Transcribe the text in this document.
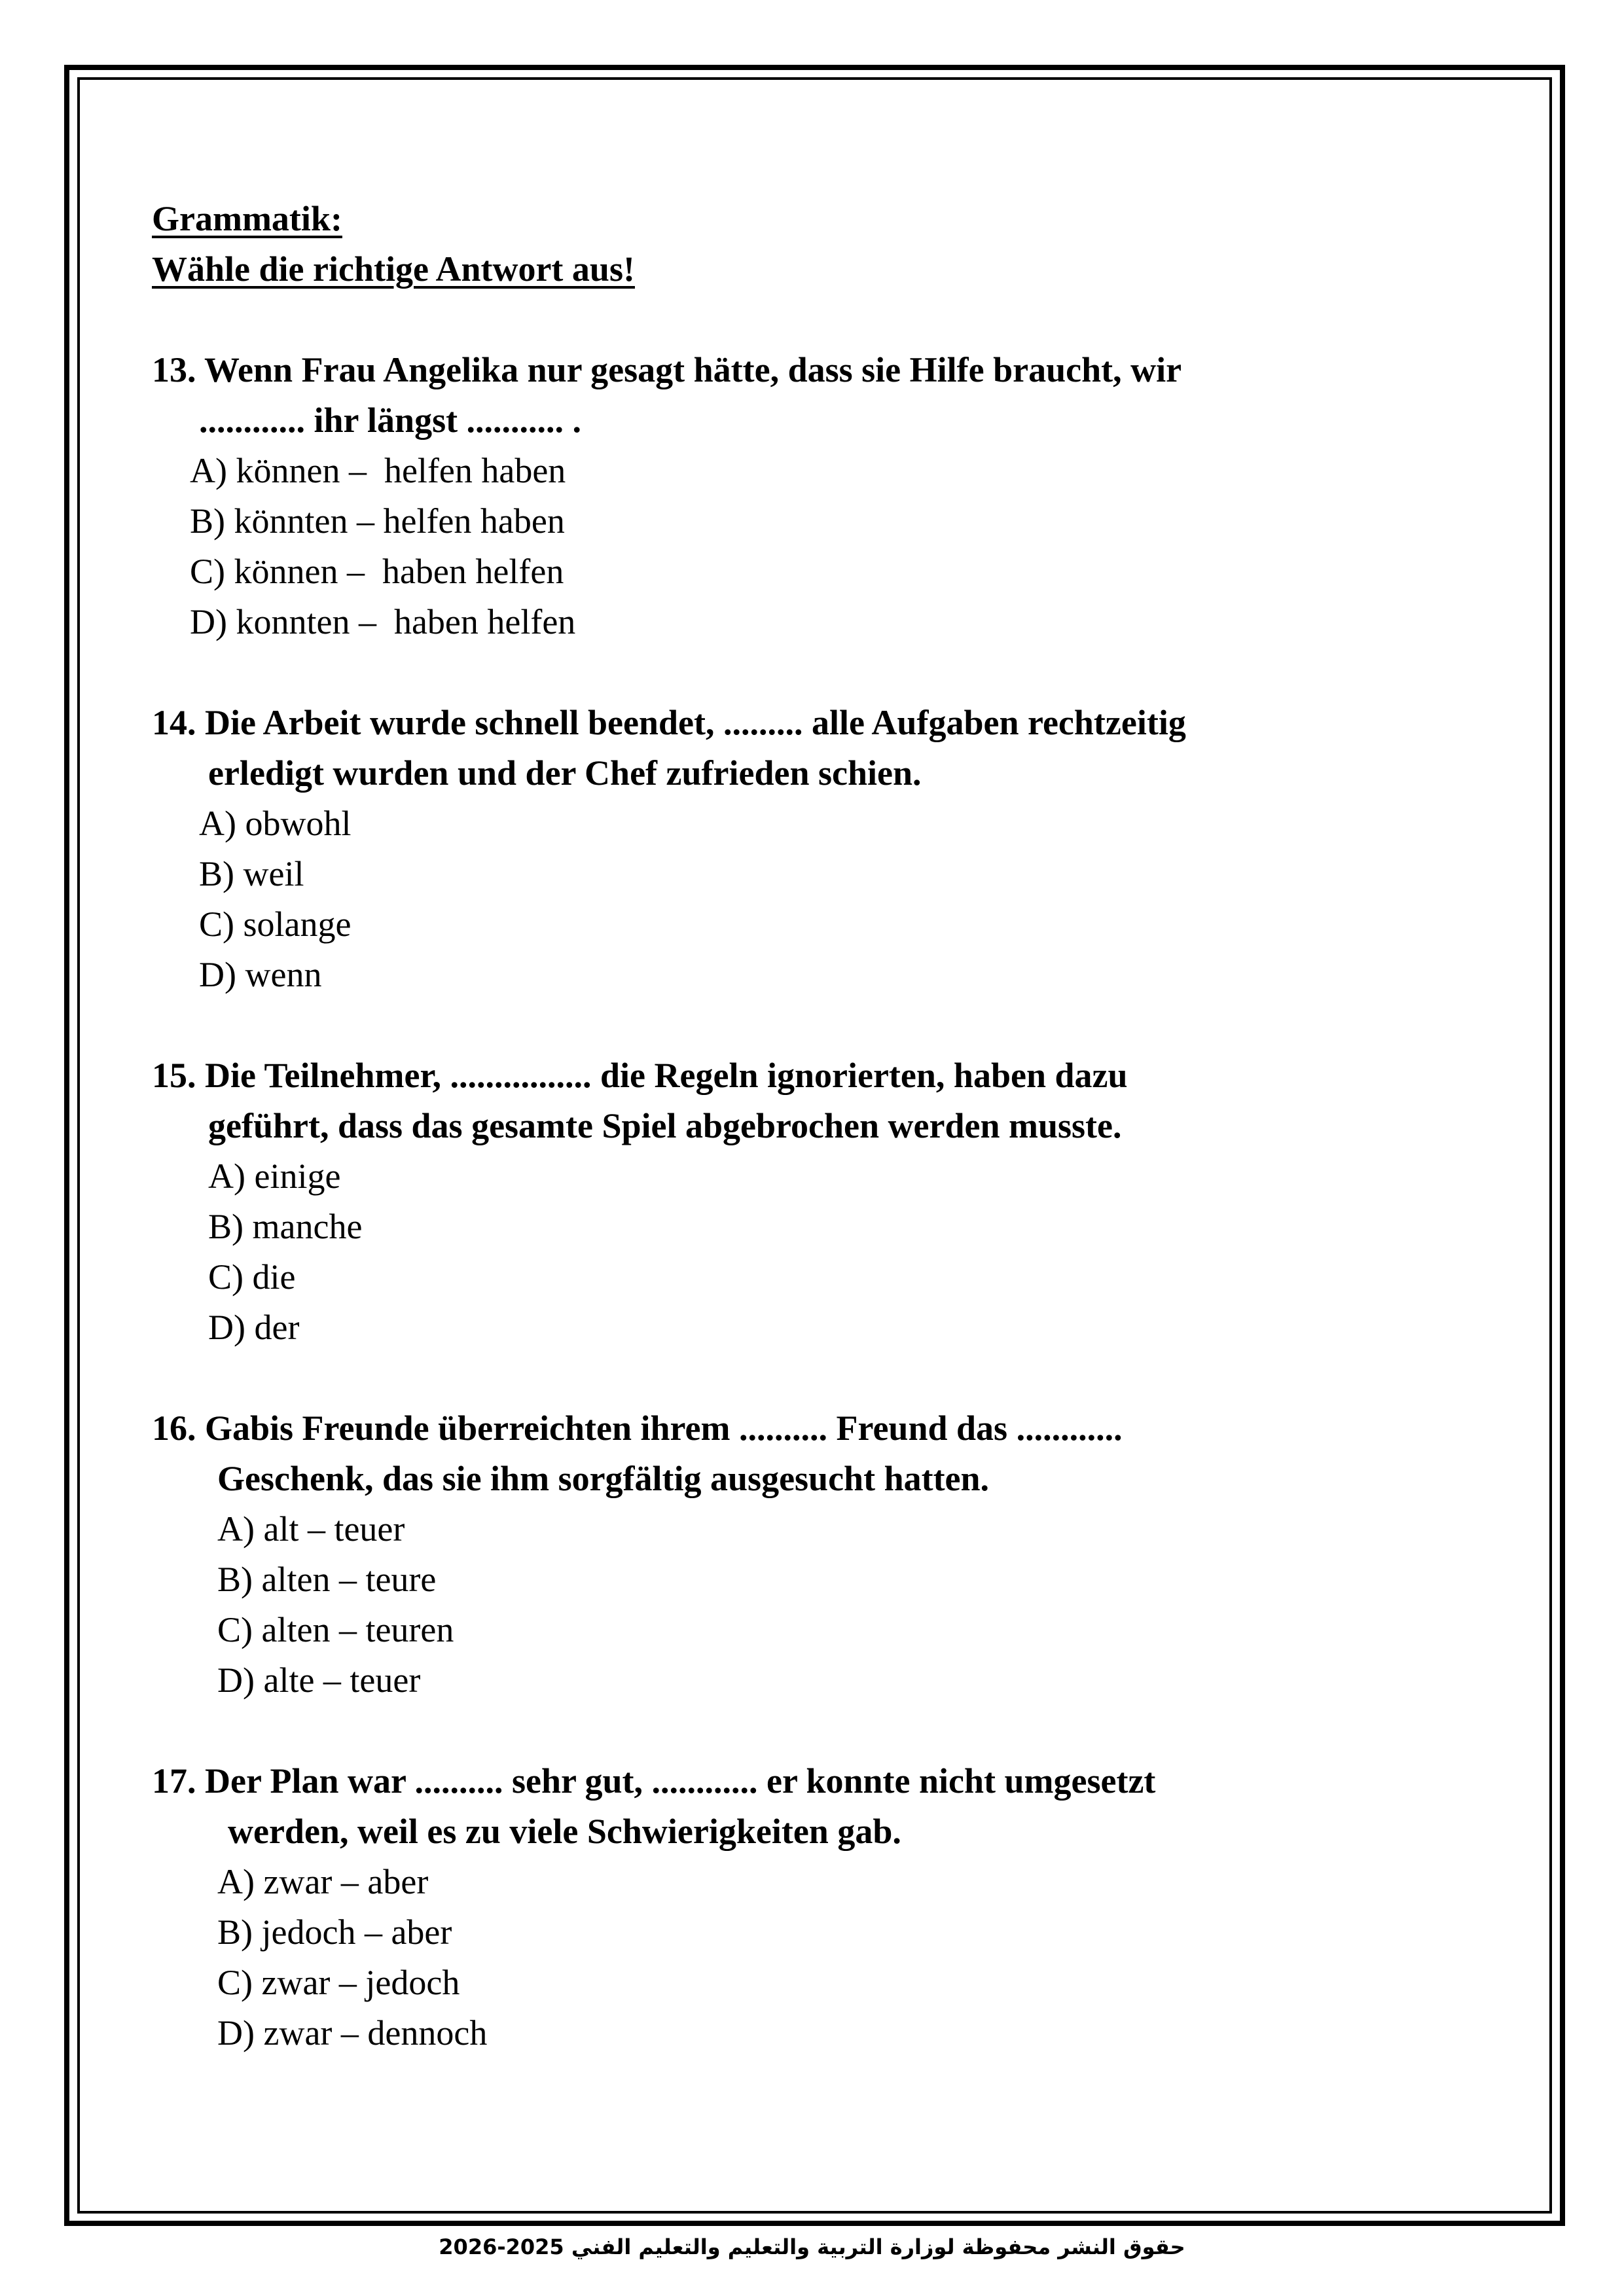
Grammatik:

Wähle die richtige Antwort aus!

13. Wenn Frau Angelika nur gesagt hätte, dass sie Hilfe braucht, wir
............ ihr längst ........... .

A) können –  helfen haben
B) könnten – helfen haben
C) können –  haben helfen
D) konnten –  haben helfen

14. Die Arbeit wurde schnell beendet, ......... alle Aufgaben rechtzeitig
erledigt wurden und der Chef zufrieden schien.

A) obwohl
B) weil
C) solange
D) wenn

15. Die Teilnehmer, ................ die Regeln ignorierten, haben dazu
geführt, dass das gesamte Spiel abgebrochen werden musste.

A) einige
B) manche
C) die
D) der

16. Gabis Freunde überreichten ihrem .......... Freund das ............
Geschenk, das sie ihm sorgfältig ausgesucht hatten.

A) alt – teuer
B) alten – teure
C) alten – teuren
D) alte – teuer

17. Der Plan war .......... sehr gut, ............ er konnte nicht umgesetzt
werden, weil es zu viele Schwierigkeiten gab.

A) zwar – aber
B) jedoch – aber
C) zwar – jedoch
D) zwar – dennoch
حقوق النشر محفوظة لوزارة التربية والتعليم والتعليم الفني 2025-2026
